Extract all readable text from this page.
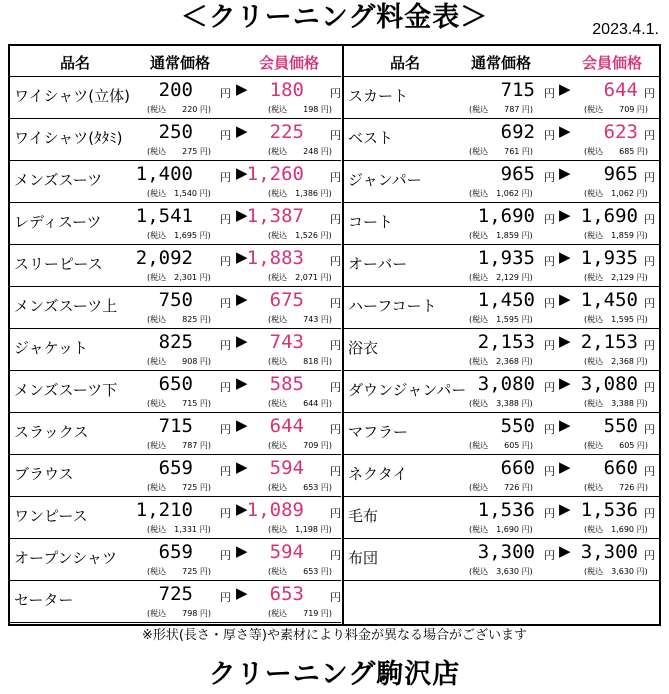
＜クリーニング料金表＞	2023.4.1.
品名	通常価格	会員価格
ワイシャツ(立体) 200 円 ▶ 180 円
(税込　　220 円)	(税込　　198 円)
ワイシャツ(ﾀﾀﾐ) 250 円 ▶ 225 円
(税込　　275 円)	(税込　　248 円)
メンズスーツ 1,400 円 ▶ 1,260 円
(税込　1,540 円)	(税込　1,386 円)
レディスーツ 1,541 円 ▶ 1,387 円
(税込　1,695 円)	(税込　1,526 円)
スリーピース 2,092 円 ▶ 1,883 円
(税込　2,301 円)	(税込　2,071 円)
メンズスーツ上 750 円 ▶ 675 円
(税込　　825 円)	(税込　　743 円)
ジャケット	825 円 ▶ 743 円
(税込　　908 円)	(税込　　818 円)
メンズスーツ下 650 円 ▶ 585 円
(税込　　715 円)	(税込　　644 円)
スラックス	715 円 ▶ 644 円
(税込　　787 円)	(税込　　709 円)
ブラウス	659 円 ▶ 594 円
(税込　　725 円)	(税込　　653 円)
ワンピース	1,210 円 ▶ 1,089 円
(税込　1,331 円)	(税込　1,198 円)
オープンシャツ 659 円 ▶ 594 円
(税込　　725 円)	(税込　　653 円)
セーター	725 円 ▶ 653 円
(税込　　798 円)	(税込　　719 円)
品名	通常価格	会員価格
スカート	715 円 ▶ 644 円
(税込　　787 円)	(税込　　709 円)
ベスト	692 円 ▶ 623 円
(税込　　761 円)	(税込　　685 円)
ジャンパー	965 円 ▶ 965 円
(税込　1,062 円)	(税込　1,062 円)
コート	1,690 円 ▶ 1,690 円
(税込　1,859 円)	(税込　1,859 円)
オーバー	1,935 円 ▶ 1,935 円
(税込　2,129 円)	(税込　2,129 円)
ハーフコート 1,450 円 ▶ 1,450 円
(税込　1,595 円)	(税込　1,595 円)
浴衣	2,153 円 ▶ 2,153 円
(税込　2,368 円)	(税込　2,368 円)
ダウンジャンパー 3,080 円 ▶ 3,080 円
(税込　3,388 円)	(税込　3,388 円)
マフラー	550 円 ▶ 550 円
(税込　　605 円)	(税込　　605 円)
ネクタイ	660 円 ▶ 660 円
(税込　　726 円)	(税込　　726 円)
毛布	1,536 円 ▶ 1,536 円
(税込　1,690 円)	(税込　1,690 円)
布団	3,300 円 ▶ 3,300 円
(税込　3,630 円)	(税込　3,630 円)
※形状(長さ・厚さ等)や素材により料金が異なる場合がございます
クリーニング駒沢店
